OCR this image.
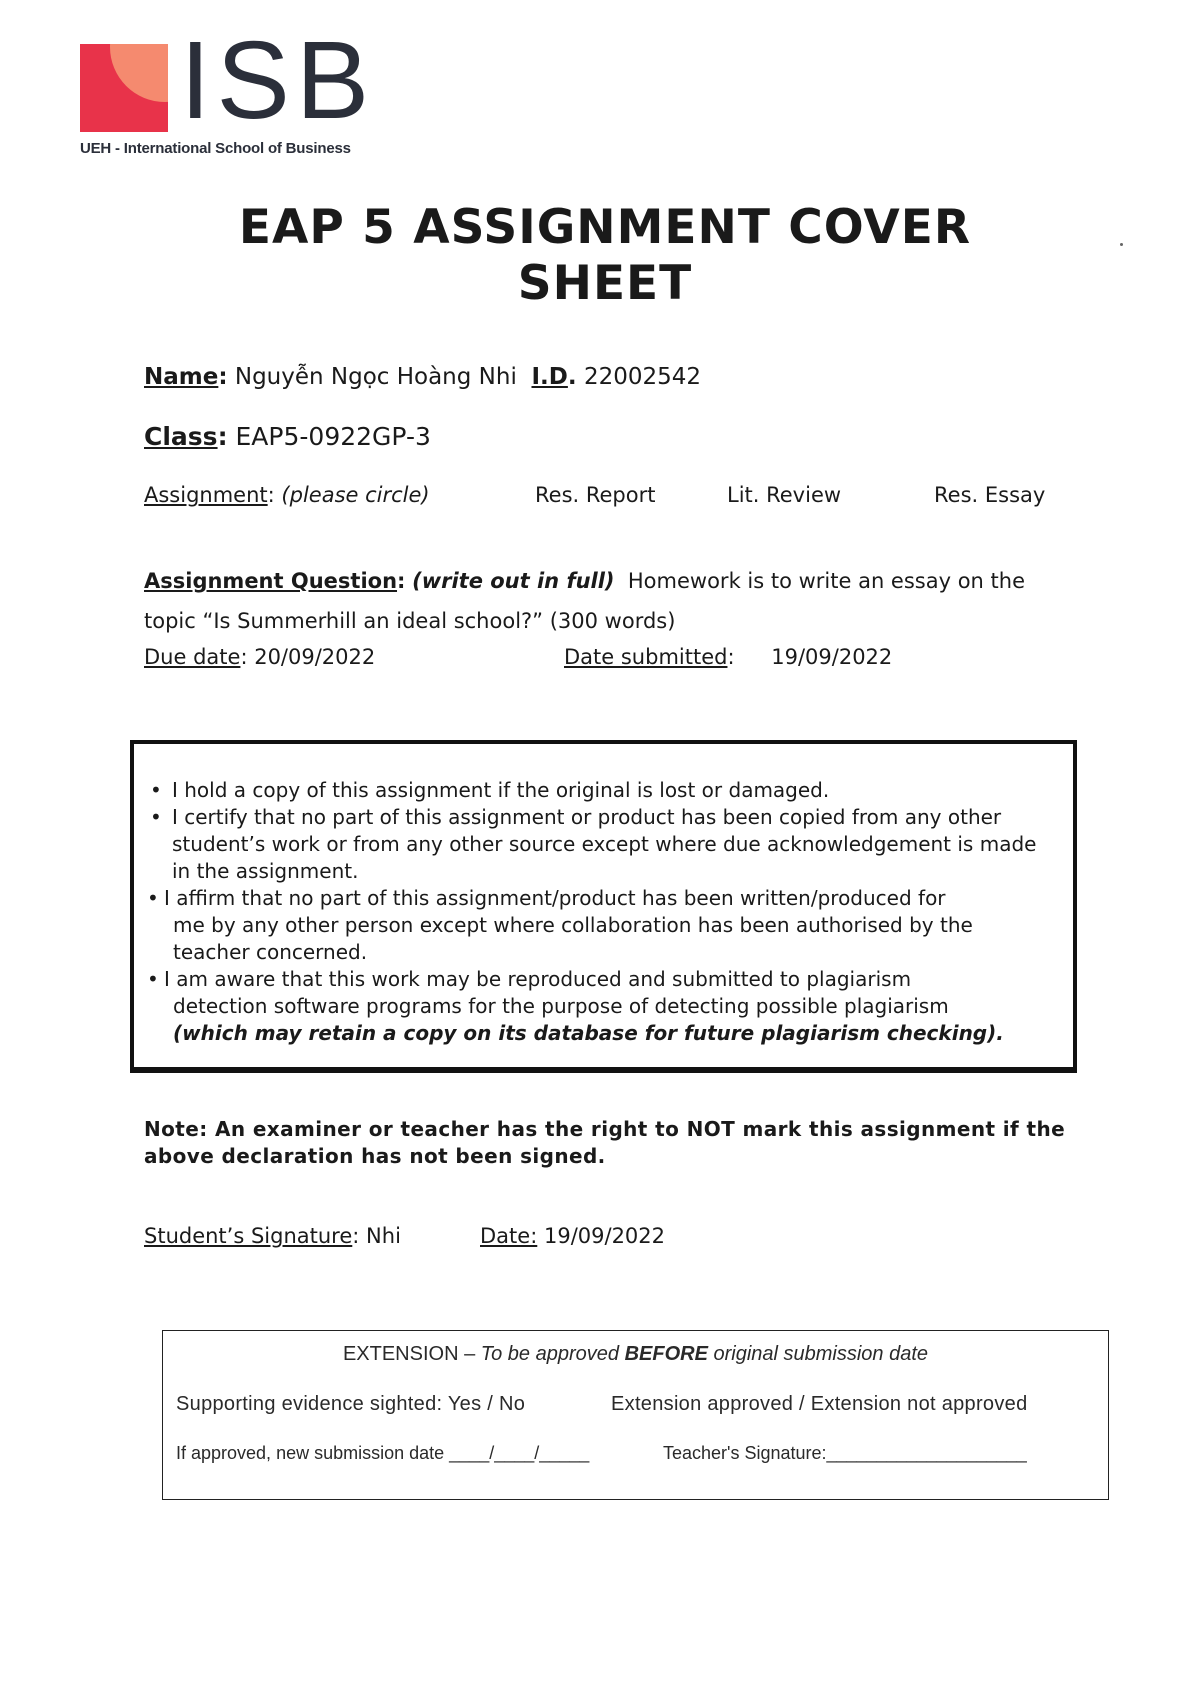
ISB
UEH - International School of Business
EAP 5 ASSIGNMENT COVER
SHEET
Name: Nguyễn Ngọc Hoàng Nhi I.D. 22002542
Class: EAP5-0922GP-3
Assignment: (please circle)	Res. Report	Lit. Review	Res. Essay
Assignment Question: (write out in full) Homework is to write an essay on the topic “Is Summerhill an ideal school?” (300 words)
Due date: 20/09/2022	Date submitted: 19/09/2022
• I hold a copy of this assignment if the original is lost or damaged.
• I certify that no part of this assignment or product has been copied from any other student’s work or from any other source except where due acknowledgement is made in the assignment.
• I affirm that no part of this assignment/product has been written/produced for
me by any other person except where collaboration has been authorised by the teacher concerned.
• I am aware that this work may be reproduced and submitted to plagiarism
detection software programs for the purpose of detecting possible plagiarism
(which may retain a copy on its database for future plagiarism checking).
Note: An examiner or teacher has the right to NOT mark this assignment if the above declaration has not been signed.
Student’s Signature: Nhi	Date: 19/09/2022
EXTENSION – To be approved BEFORE original submission date
Supporting evidence sighted: Yes / No	Extension approved / Extension not approved
If approved, new submission date ____/____/_____	Teacher's Signature:____________________
